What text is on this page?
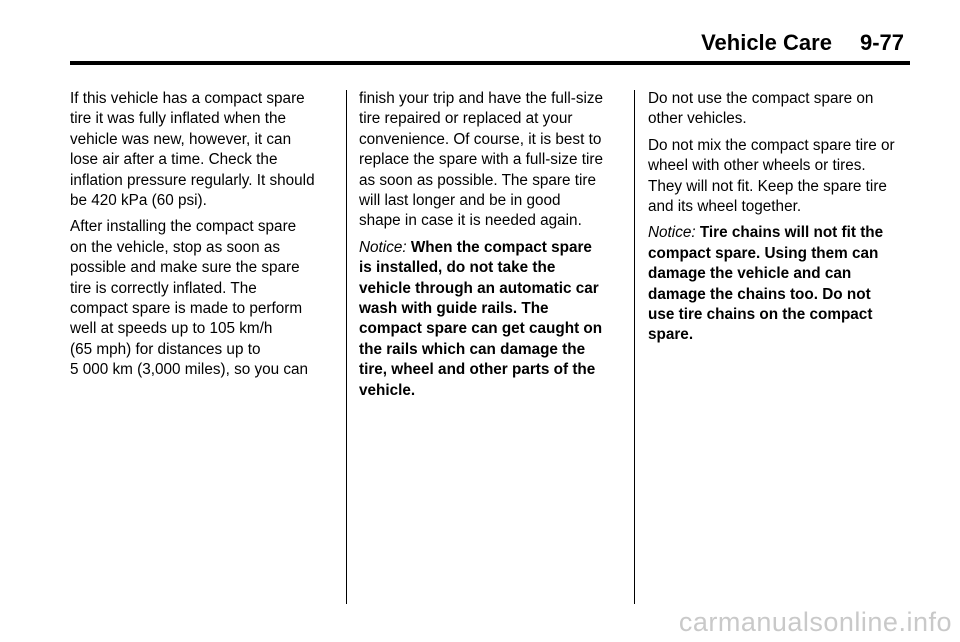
Vehicle Care 9-77

If this vehicle has a compact spare
tire it was fully inflated when the
vehicle was new, however, it can
lose air after a time. Check the
inflation pressure regularly. It should
be 420 kPa (60 psi).

After installing the compact spare
on the vehicle, stop as soon as
possible and make sure the spare
tire is correctly inflated. The
compact spare is made to perform
well at speeds up to 105 km/h
(65 mph) for distances up to
5 000 km (3,000 miles), so you can

finish your trip and have the full-size
tire repaired or replaced at your
convenience. Of course, it is best to
replace the spare with a full-size tire
as soon as possible. The spare tire
will last longer and be in good
shape in case it is needed again.

Notice: When the compact spare
is installed, do not take the
vehicle through an automatic car
wash with guide rails. The
compact spare can get caught on
the rails which can damage the
tire, wheel and other parts of the
vehicle.

Do not use the compact spare on
other vehicles.

Do not mix the compact spare tire or
wheel with other wheels or tires.
They will not fit. Keep the spare tire
and its wheel together.

Notice: Tire chains will not fit the
compact spare. Using them can
damage the vehicle and can
damage the chains too. Do not
use tire chains on the compact
spare.

carmanualsonline.info
